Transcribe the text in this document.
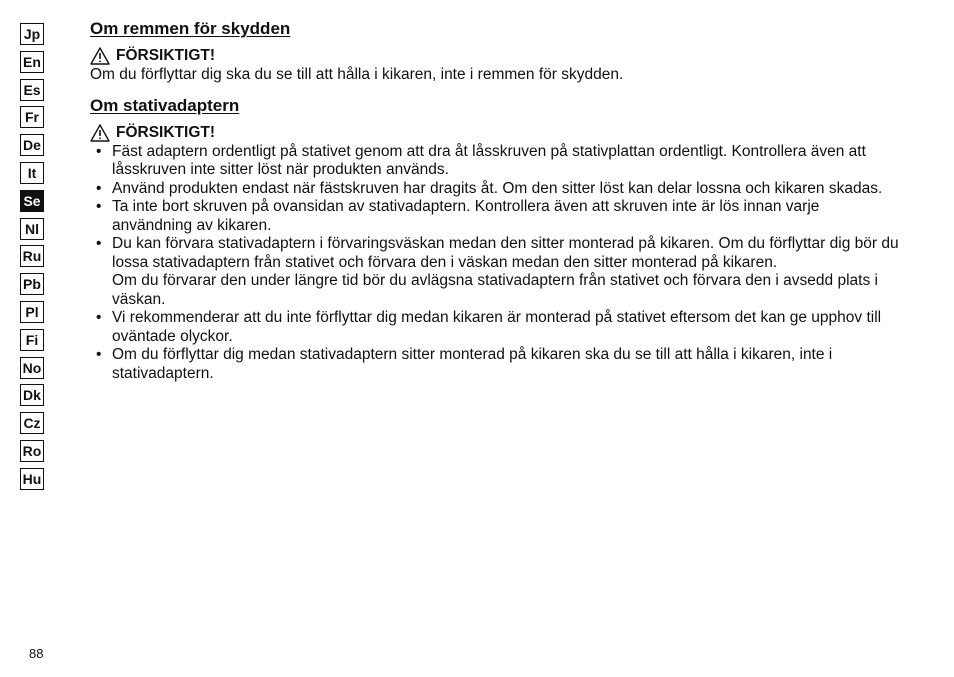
Jp
En
Es
Fr
De
It
Se
Nl
Ru
Pb
Pl
Fi
No
Dk
Cz
Ro
Hu
Om remmen för skydden
FÖRSIKTIGT!

Om du förflyttar dig ska du se till att hålla i kikaren, inte i remmen för skydden.

Om stativadaptern
FÖRSIKTIGT!
• Fäst adaptern ordentligt på stativet genom att dra åt låsskruven på stativplattan ordentligt. Kontrollera även att låsskruven inte sitter löst när produkten används.
• Använd produkten endast när fästskruven har dragits åt. Om den sitter löst kan delar lossna och kikaren skadas.
• Ta inte bort skruven på ovansidan av stativadaptern. Kontrollera även att skruven inte är lös innan varje användning av kikaren.
• Du kan förvara stativadaptern i förvaringsväskan medan den sitter monterad på kikaren. Om du förflyttar dig bör du lossa stativadaptern från stativet och förvara den i väskan medan den sitter monterad på kikaren.
Om du förvarar den under längre tid bör du avlägsna stativadaptern från stativet och förvara den i avsedd plats i väskan.
• Vi rekommenderar att du inte förflyttar dig medan kikaren är monterad på stativet eftersom det kan ge upphov till oväntade olyckor.
• Om du förflyttar dig medan stativadaptern sitter monterad på kikaren ska du se till att hålla i kikaren, inte i stativadaptern.
88
